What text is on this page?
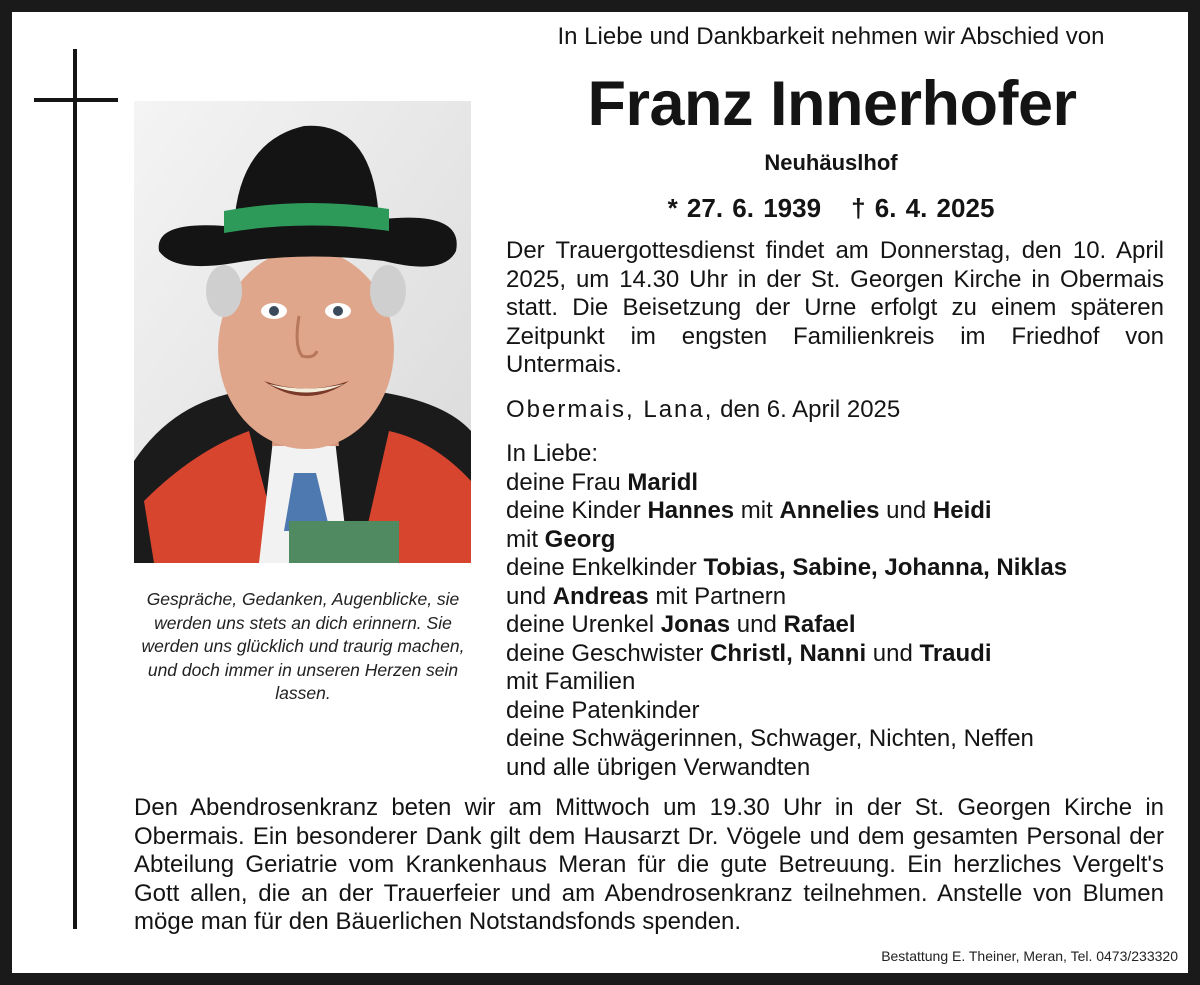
Gespräche, Gedanken, Augenblicke, sie werden uns stets an dich erinnern. Sie werden uns glücklich und traurig machen, und doch immer in unseren Herzen sein lassen.
In Liebe und Dankbarkeit nehmen wir Abschied von
Franz Innerhofer
Neuhäuslhof
* 27. 6. 1939 † 6. 4. 2025
Der Trauergottesdienst findet am Donnerstag, den 10. April 2025, um 14.30 Uhr in der St. Georgen Kirche in Obermais statt. Die Beisetzung der Urne erfolgt zu einem späteren Zeitpunkt im engsten Familienkreis im Friedhof von Untermais.
Obermais, Lana, den 6. April 2025
In Liebe:
deine Frau Maridl
deine Kinder Hannes mit Annelies und Heidi
mit Georg
deine Enkelkinder Tobias, Sabine, Johanna, Niklas
und Andreas mit Partnern
deine Urenkel Jonas und Rafael
deine Geschwister Christl, Nanni und Traudi
mit Familien
deine Patenkinder
deine Schwägerinnen, Schwager, Nichten, Neffen
und alle übrigen Verwandten
Den Abendrosenkranz beten wir am Mittwoch um 19.30 Uhr in der St. Georgen Kirche in Obermais. Ein besonderer Dank gilt dem Hausarzt Dr. Vögele und dem gesamten Personal der Abteilung Geriatrie vom Krankenhaus Meran für die gute Betreuung. Ein herzliches Vergelt's Gott allen, die an der Trauerfeier und am Abendrosenkranz teilnehmen. Anstelle von Blumen möge man für den Bäuerlichen Notstandsfonds spenden.
Bestattung E. Theiner, Meran, Tel. 0473/233320
